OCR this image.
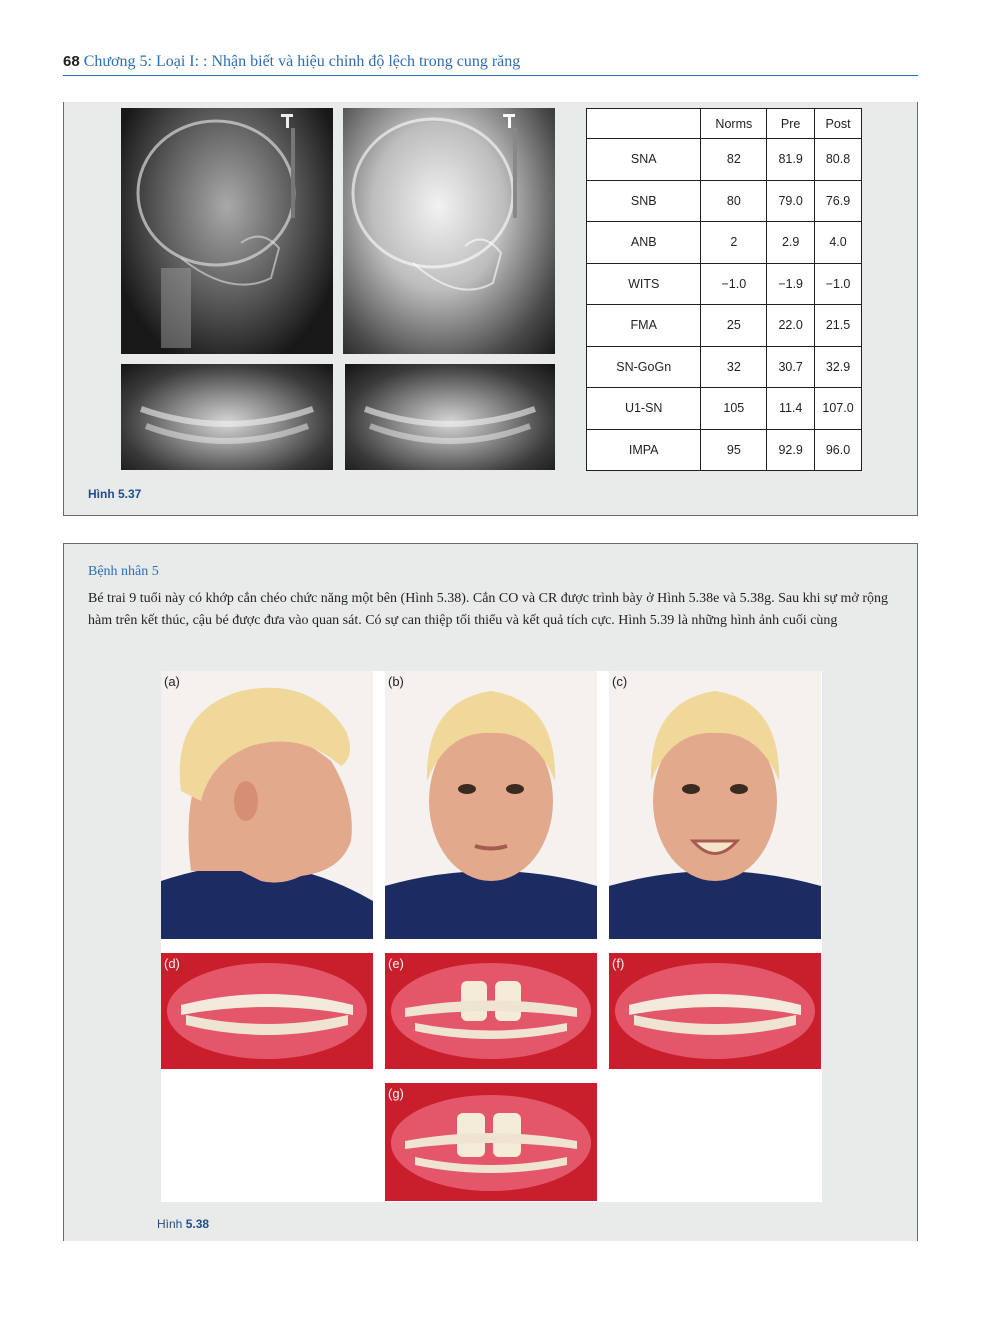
68 Chương 5: Loại I: : Nhận biết và hiệu chỉnh độ lệch trong cung răng
	Norms	Pre	Post
SNA	82	81.9	80.8
SNB	80	79.0	76.9
ANB	2	2.9	4.0
WITS	−1.0	−1.9	−1.0
FMA	25	22.0	21.5
SN-GoGn	32	30.7	32.9
U1-SN	105	11.4	107.0
IMPA	95	92.9	96.0
Hình 5.37
Bệnh nhân 5

Bé trai 9 tuổi này có khớp cắn chéo chức năng một bên (Hình 5.38). Cắn CO và CR được trình bày ở Hình 5.38e và 5.38g. Sau khi sự mở rộng hàm trên kết thúc, cậu bé được đưa vào quan sát. Có sự can thiệp tối thiểu và kết quả tích cực. Hình 5.39 là những hình ảnh cuối cùng

(a)	(b)	(c)
(d)	(e)	(f)
(g)
Hình 5.38
